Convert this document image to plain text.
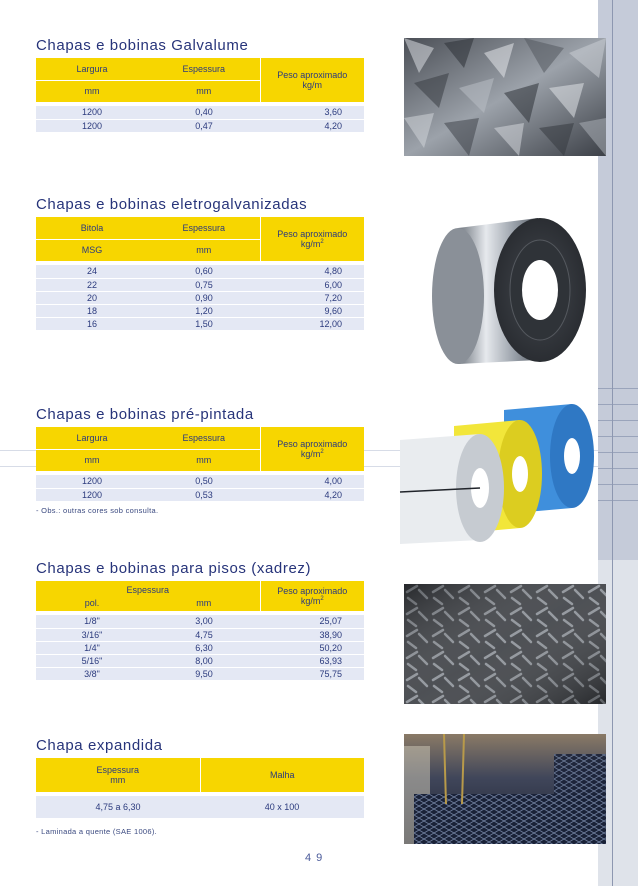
Chapas e bobinas Galvalume
Largura	Espessura	Peso aproximado
kg/m
mm	mm	

1200	0,40	3,60
1200	0,47	4,20
Chapas e bobinas eletrogalvanizadas
Bitola	Espessura	Peso aproximado
$kg/m^2$
MSG	mm	

24	0,60	4,80
22	0,75	6,00
20	0,90	7,20
18	1,20	9,60
16	1,50	12,00
Chapas e bobinas pré-pintada
Largura	Espessura	Peso aproximado
$kg/m^2$
mm	mm	

1200	0,50	4,00
1200	0,53	4,20
- Obs.: outras cores sob consulta.
Chapas e bobinas para pisos (xadrez)
Espessura		Peso aproximado
$kg/m^2$
pol.	mm	

1/8"	3,00	25,07
3/16"	4,75	38,90
1/4"	6,30	50,20
5/16"	8,00	63,93
3/8"	9,50	75,75
Chapa expandida
Espessura
mm	Malha

4,75 a 6,30	40 x 100
- Laminada a quente (SAE 1006).
4 9
